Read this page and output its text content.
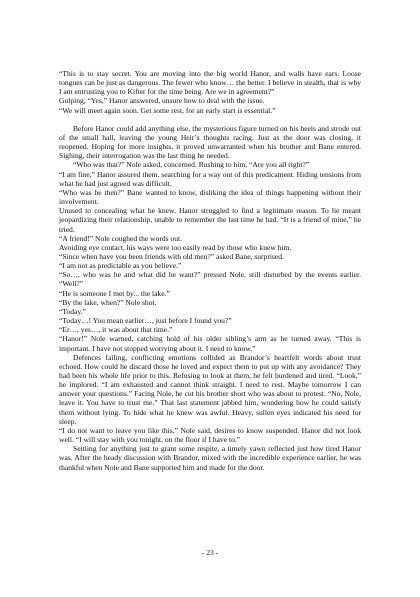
“This is to stay secret. You are moving into the big world Hanor, and walls have ears. Loose tongues can be just as dangerous. The fewer who know… the better. I believe in stealth, that is why I am entrusting you to Kifter for the time being. Are we in agreement?”

Gulping, “Yes,” Hanor answered, unsure how to deal with the issue.

“We will meet again soon. Get some rest, for an early start is essential.”

Before Hanor could add anything else, the mysterious figure turned on his heels and strode out of the small hall, leaving the young Heir’s thoughts racing. Just as the door was closing, it reopened. Hoping for more insights, it proved unwarranted when his brother and Bane entered. Sighing, their interrogation was the last thing he needed.

“Who was that?” Nole asked, concerned. Rushing to him, “Are you all right?”

“I am fine,” Hanor assured them, searching for a way out of this predicament. Hiding tensions from what he had just agreed was difficult.

“Who was he then?” Bane wanted to know, disliking the idea of things happening without their involvement.

Unused to concealing what he knew, Hanor struggled to find a legitimate reason. To lie meant jeopardizing their relationship, unable to remember the last time he had. “It is a friend of mine,” he tried.

“A friend!” Nole coughed the words out.

Avoiding eye contact, his ways were too easily read by those who knew him.

“Since when have you been friends with old men?” asked Bane, surprised.

“I am not as predictable as you believe.”

“So…, who was he and what did he want?” pressed Nole, still disturbed by the events earlier. “Well?”

“He is someone I met by... the lake.”

“By the lake, when?” Nole shot.

“Today.”

“Today…! You mean earlier…, just before I found you?”

“Er…, yes…, it was about that time.”

“Hanor!” Nole warned, catching hold of his older sibling’s arm as he turned away. “This is important. I have not stopped worrying about it. I need to know.”

Defences failing, conflicting emotions collided as Brandor’s heartfelt words about trust echoed. How could he discard those he loved and expect them to put up with any avoidance? They had been his whole life prior to this. Refusing to look at them, he felt burdened and tired. “Look,” he implored. “I am exhausted and cannot think straight. I need to rest. Maybe tomorrow I can answer your questions.” Facing Nole, he cut his brother short who was about to protest. “No, Nole, leave it. You have to trust me.” That last statement jabbed him, wondering how he could satisfy them without lying. To hide what he knew was awful. Heavy, sullen eyes indicated his need for sleep.

“I do not want to leave you like this,” Nole said, desires to know suspended. Hanor did not look well. “I will stay with you tonight, on the floor if I have to.”

Settling for anything just to grant some respite, a timely yawn reflected just how tired Hanor was. After the heady discussion with Brandor, mixed with the incredible experience earlier, he was thankful when Nole and Bane supported him and made for the door.

- 23 -
